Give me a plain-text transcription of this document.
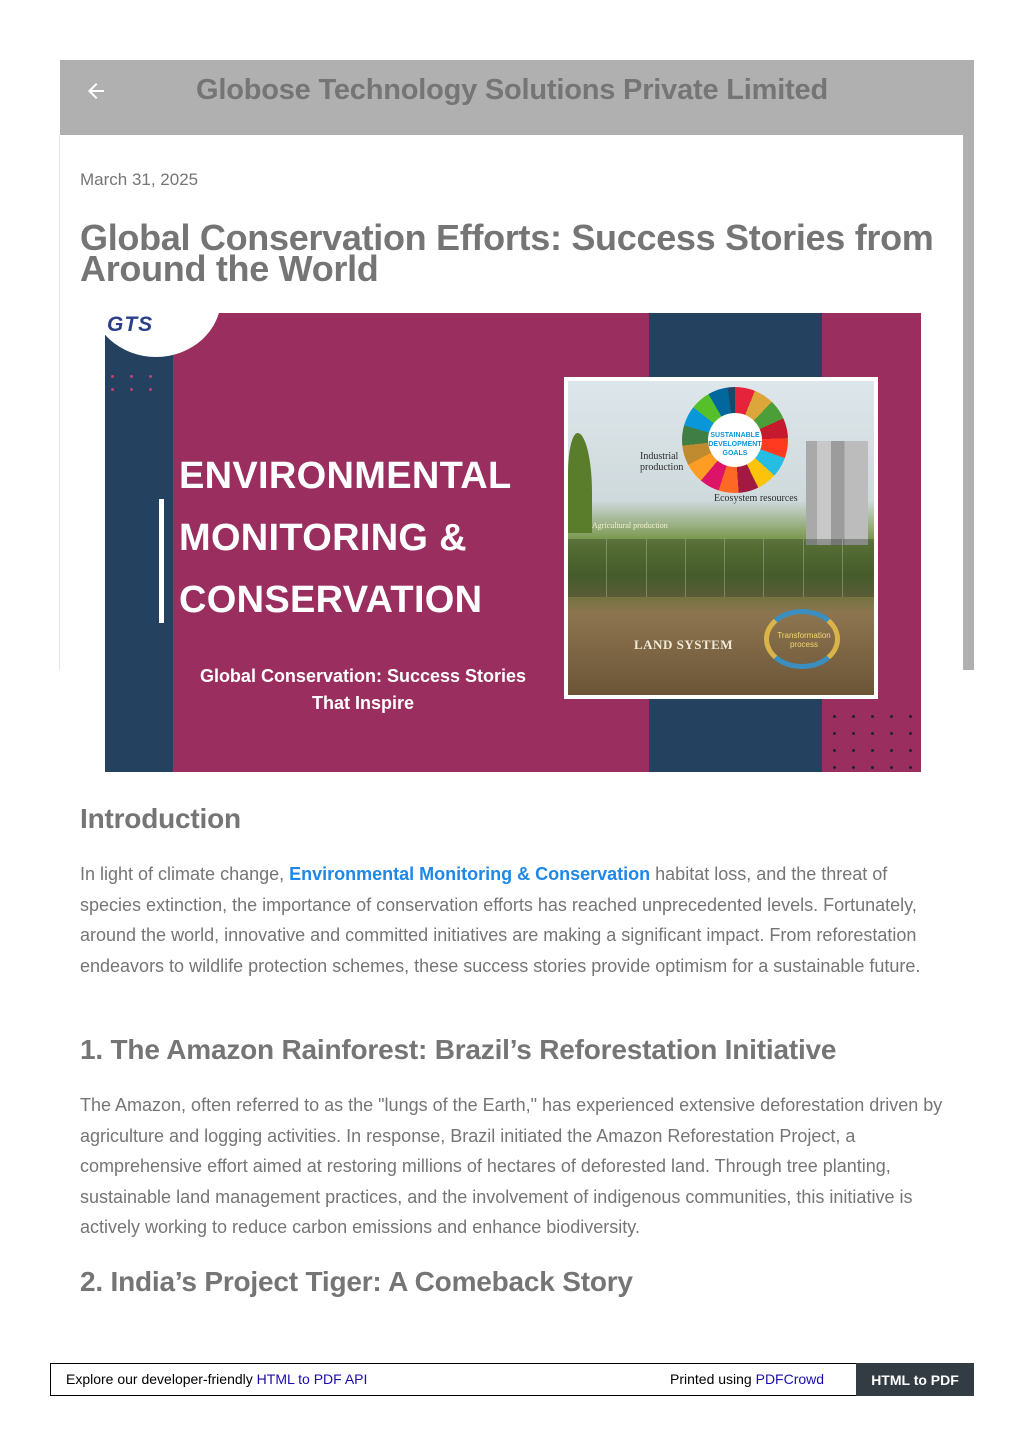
Globose Technology Solutions Private Limited
March 31, 2025
Global Conservation Efforts: Success Stories from Around the World
GTS
ENVIRONMENTAL MONITORING & CONSERVATION
Global Conservation: Success Stories That Inspire
SUSTAINABLE DEVELOPMENT GOALS
Industrial production
Ecosystem resources
Agricultural production
LAND SYSTEM
Transformation process
Introduction

In light of climate change, Environmental Monitoring & Conservation habitat loss, and the threat of species extinction, the importance of conservation efforts has reached unprecedented levels. Fortunately, around the world, innovative and committed initiatives are making a significant impact. From reforestation endeavors to wildlife protection schemes, these success stories provide optimism for a sustainable future.

1. The Amazon Rainforest: Brazil’s Reforestation Initiative

The Amazon, often referred to as the "lungs of the Earth," has experienced extensive deforestation driven by agriculture and logging activities. In response, Brazil initiated the Amazon Reforestation Project, a comprehensive effort aimed at restoring millions of hectares of deforested land. Through tree planting, sustainable land management practices, and the involvement of indigenous communities, this initiative is actively working to reduce carbon emissions and enhance biodiversity.

2. India’s Project Tiger: A Comeback Story
Explore our developer-friendly HTML to PDF API	Printed using PDFCrowd	HTML to PDF
